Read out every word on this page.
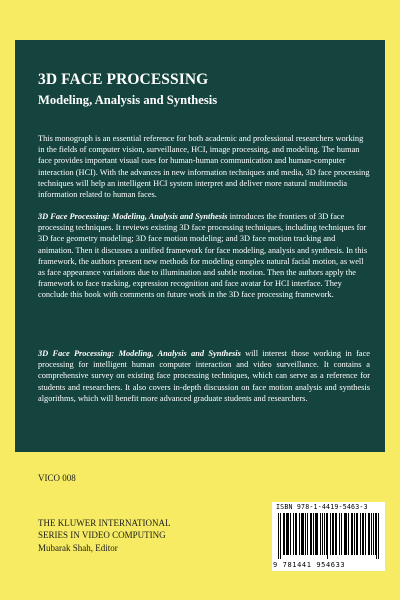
3D FACE PROCESSING
Modeling, Analysis and Synthesis

This monograph is an essential reference for both academic and professional researchers working in the fields of computer vision, surveillance, HCI, image processing, and modeling. The human face provides important visual cues for human-human communication and human-computer interaction (HCI). With the advances in new information techniques and media, 3D face processing techniques will help an intelligent HCI system interpret and deliver more natural multimedia information related to human faces.

3D Face Processing: Modeling, Analysis and Synthesis introduces the frontiers of 3D face processing techniques. It reviews existing 3D face processing techniques, including techniques for 3D face geometry modeling; 3D face motion modeling; and 3D face motion tracking and animation. Then it discusses a unified framework for face modeling, analysis and synthesis. In this framework, the authors present new methods for modeling complex natural facial motion, as well as face appearance variations due to illumination and subtle motion. Then the authors apply the framework to face tracking, expression recognition and face avatar for HCI interface. They conclude this book with comments on future work in the 3D face processing framework.

3D Face Processing: Modeling, Analysis and Synthesis will interest those working in face processing for intelligent human computer interaction and video surveillance. It contains a comprehensive survey on existing face processing techniques, which can serve as a reference for students and researchers. It also covers in-depth discussion on face motion analysis and synthesis algorithms, which will benefit more advanced graduate students and researchers.

VICO 008
THE KLUWER INTERNATIONAL
SERIES IN VIDEO COMPUTING
Mubarak Shah, Editor
ISBN 978-1-4419-5463-3
9 781441 954633
